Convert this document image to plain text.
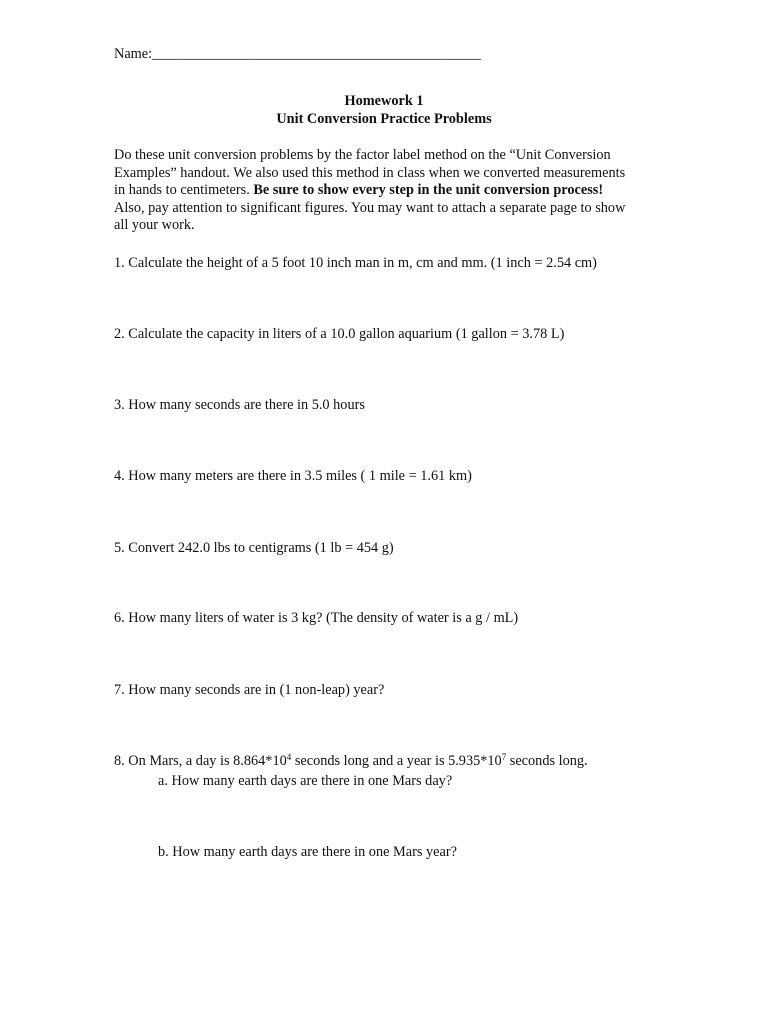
Name:______________________________________________

Homework 1

Unit Conversion Practice Problems

Do these unit conversion problems by the factor label method on the “Unit Conversion
Examples” handout. We also used this method in class when we converted measurements
in hands to centimeters. Be sure to show every step in the unit conversion process!
Also, pay attention to significant figures. You may want to attach a separate page to show
all your work.

1. Calculate the height of a 5 foot 10 inch man in m, cm and mm. (1 inch = 2.54 cm)

2. Calculate the capacity in liters of a 10.0 gallon aquarium (1 gallon = 3.78 L)

3. How many seconds are there in 5.0 hours

4. How many meters are there in 3.5 miles ( 1 mile = 1.61 km)

5. Convert 242.0 lbs to centigrams (1 lb = 454 g)

6. How many liters of water is 3 kg? (The density of water is a g / mL)

7. How many seconds are in (1 non-leap) year?

8. On Mars, a day is $8.864*10^4$ seconds long and a year is $5.935*10^7$ seconds long.

a. How many earth days are there in one Mars day?

b. How many earth days are there in one Mars year?
